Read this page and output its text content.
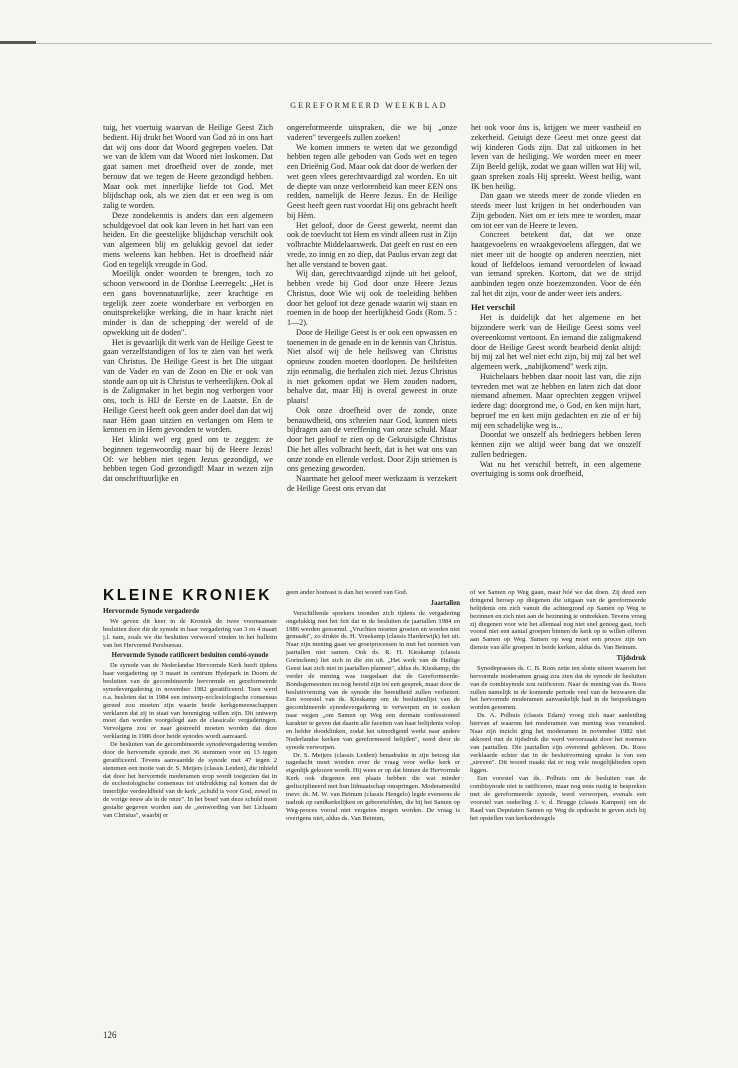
GEREFORMEERD WEEKBLAD

tuig, het voertuig waarvan de Heilige Geest Zich bedient. Hij drukt het Woord van God zó in ons hart dat wij ons door dat Woord gegrepen voelen. Dat we van de klem van dat Woord niet loskomen. Dat gaat samen met droefheid over de zonde, met berouw dat we tegen de Heere gezondigd hebben. Maar ook met innerlijke liefde tot God. Met blijdschap ook, als we zien dat er een weg is om zalig te worden.

Deze zondekennis is anders dan een algemeen schuldgevoel dat ook kan leven in het hart van een heiden. En die geestelijke blijdschap verschilt ook van algemeen blij en gelukkig gevoel dat ieder mens weleens kan hebben. Het is droefheid náár God en tegelijk vreugde in God.

Moeilijk onder woorden te brengen, toch zo schoon verwoord in de Dordtse Leerregels: „Het is een gans bovennatuurlijke, zeer krachtige en tegelijk zeer zoete wonderbare en verborgen en onuitsprekelijke werking, die in haar kracht niet minder is dan de schepping der wereld of de opwekking uit de doden".

Het is gevaarlijk dit werk van de Heilige Geest te gaan verzelfstandigen of los te zien van het werk van Christus. De Heilige Geest is het Die uitgaat van de Vader en van de Zoon en Die er ook van stonde aan op uit is Christus te verheerlijken. Ook al is de Zaligmaker in het begin nog verborgen voor ons, toch is HIJ de Eerste en de Laatste. En de Heilige Geest heeft ook geen ander doel dan dat wij naar Hém gaan uitzien en verlangen om Hem te kennen en in Hem gevonden te worden.

Het klinkt wel erg goed om te zeggen: ze beginnen tegenwoordig maar bij de Heere Jezus! Of: we hebben niet tegen Jezus gezondigd, we hebben tegen God gezondigd! Maar in wezen zijn dat onschriftuurlijke en

ongereformeerde uitspraken, die we bij „onze vaderen" tevergeefs zullen zoeken!

We komen immers te weten dat we gezondigd hebben tegen alle geboden van Gods wet en tegen een Drieënig God. Maar ook dat door de werken der wet geen vlees gerechtvaardigd zal worden. En uit de diepte van onze verlorenheid kan meer EEN ons redden, namelijk de Heere Jezus. En de Heilige Geest heeft geen rust voordat Hij ons gebracht heeft bij Hèm.

Het geloof, door de Geest gewerkt, neemt dan ook de toevlucht tot Hem en vindt alleen rust in Zijn volbrachte Middelaarswerk. Dat geeft en rust en een vrede, zo innig en zo diep, dat Paulus ervan zegt dat het alle verstand te boven gaat.

Wij dan, gerechtvaardigd zijnde uit het geloof, hebben vrede bij God door onze Heere Jezus Christus, door Wie wij ook de toeleiding hebben door het geloof tot deze genade waarin wij staan en roemen in de hoop der heerlijkheid Gods (Rom. 5 : 1—2).

Door de Heilige Geest is er ook een opwassen en toenemen in de genade en in de kennis van Christus. Niet alsof wij de hele heilsweg van Christus opnieuw zouden moeten doorlopen. De heilsfeiten zijn eenmalig, die herhalen zich niet. Jezus Christus is niet gekomen opdat we Hem zouden nadoen, behalve dat, maar Hij is overal geweest in onze plaats!

Ook onze droefheid over de zonde, onze benauwdheid, ons schreien naar God, kunnen niets bijdragen aan de vereffening van onze schuld. Maar door het geloof te zien op de Gekruisigde Christus Die het alles volbracht heeft, dat is het wat ons van onze zonde en ellende verlost. Door Zijn striemen is ons genezing geworden.

Naarmate het geloof meer werkzaam is verzekert de Heilige Geest ons ervan dat

het ook voor óns is, krijgen we meer vastheid en zekerheid. Getuigt deze Geest met onze geest dat wij kinderen Gods zijn. Dat zal uitkomen in het leven van de heiliging. We worden meer en meer Zijn Beeld gelijk, zodat we gaan willen wat Hij wil, gaan spreken zoals Hij spreekt. Weest heilig, want IK ben heilig.

Dan gaan we steeds meer de zonde vlieden en steeds meer lust krijgen in het onderhouden van Zijn geboden. Niet om er iets mee te worden, maar om tot eer van de Heere te leven.

Concreet betekent dat, dat we onze haatgevoelens en wraakgevoelens afleggen, dat we niet meer uit de hoogte op anderen neerzien, niet koud of liefdeloos iemand veroordelen of kwaad van iemand spreken. Kortom, dat we de strijd aanbinden tegen onze boezemzonden. Voor de één zal het dit zijn, voor de ander weer iets anders.

Het verschil

Het is duidelijk dat het algemene en het bijzondere werk van de Heilige Geest soms veel overeenkomst vertoont. En iemand die zaligmakend door de Heilige Geest wordt bearbeid denkt altijd: bij mij zal het wel niet echt zijn, bij mij zal het wel algemeen werk, „nabijkomend" werk zijn.

Huichelaars hebben daar nooit last van, die zijn tevreden met wat ze hebben en laten zich dat door niemand afnemen. Maar oprechten zeggen vrijwel iedere dag: doorgrond me, o God, en ken mijn hart, beproef me en ken mijn gedachten en zie of er bij mij een schadelijke weg is...

Doordat we onszelf als bedriegers hebben leren kennen zijn we altijd weer bang dat we onszelf zullen bedriegen.

Wat nu het verschil betreft, in een algemene overtuiging is soms ook droefheid,

KLEINE KRONIEK
Hervormde Synode vergaderde

We geven dit keer in de Kroniek de twee voornaamste besluiten door die de synode in haar vergadering van 3 en 4 maart j.l. nam, zoals we die besluiten verwoord vinden in het bulletin van het Hervormd Persbureau.

Hervormde Synode ratificeert besluiten combi-synode

De synode van de Nederlandse Hervormde Kerk heeft tijdens haar vergadering op 3 maart in centrum Hydepark in Doorn de besluiten van de gecombineerde hervormde en gereformeerde synodevergadering in november 1982 geratificeerd. Toen werd o.a. besloten dat in 1984 een ontwerp-ecclesiologische consensus gereed zou moeten zijn waarin beide kerkgemeenschappen verklaren dat zij in staat van hereniging willen zijn. Dit ontwerp moet dan worden voorgelegd aan de classicale vergaderingen. Vervolgens zou er naar gestreefd moeten worden dat deze verklaring in 1986 door beide synodes wordt aanvaard.

De besluiten van de gecombineerde synodevergadering werden door de hervormde synode met 36 stemmen voor en 13 tegen geratificeerd. Tevens aanvaardde de synode met 47 tegen 2 stemmen een motie van dr. S. Meijers (classis Leiden), die inhield dat door het hervormde moderamen erop wordt toegezien dat in de ecclesiologische consensus tot uitdrukking zal komen dat de innerlijke verdeeldheid van de kerk „schuld is voor God, zowel in de vorige eeuw als in de onze". In het besef van deze schuld moet gestalte gegeven worden aan de „eenwording van het Lichaam van Christus", waarbij er

geen ander houvast is dan het woord van God.

Jaartallen

Verschillende sprekers toonden zich tijdens de vergadering ongelukkig met het feit dat in de besluiten de jaartallen 1984 en 1986 werden genoemd. „Vruchten moeten groeien en worden niet gemaakt", zo drukte ds. H. Vreekamp (classis Harderwijk) het uit. Naar zijn mening gaan we groeiprocessen in met het noemen van jaartallen niet samen. Ook ds. R. H. Kieskamp (classis Gorinchem) liet zich in die zin uit. „Het werk van de Heilige Geest laat zich niet in jaartallen plannen", aldus ds. Kieskamp, die verder de mening was toegedaan dat de Gereformeerde-Bondsgemeenten nu nog bereid zijn tot een gesprek, maar door de besluitvorming van de synode die bereidheid zullen verliezen. Een voorstel van ds. Kieskamp om de besluitenlijst van de gecombineerde synodevergadering te verwerpen en te zoeken naar wegen „om Samen op Weg een dermate confessioneel karakter te geven dat daarin alle facetten van haar belijdenis volop en helder doorklinken, zodat het uitnodigend werkt naar andere Nederlandse kerken van gereformeerd belijden", werd door de synode verworpen.

Dr. S. Meijers (classis Leiden) benadrukte in zijn betoog dat nagedacht moet worden over de vraag voor welke kerk er eigenlijk gekozen wordt. Hij wees er op dat binnen de Hervormde Kerk ook diegenen een plaats hebben die wat minder gedisciplineerd met hun lidmaatschap omspringen. Moderamenlid mevr. ds. M. W. van Beinum (classis Hengelo) legde eveneens de nadruk op randkerkelijken en geboortelêden, die bij het Samen op Weg-proces vooral niet vergeten mogen worden. De vraag is overigens niet, aldus ds. Van Beinum,

of we Samen op Weg gaan, maar hóé we dat doen. Zij deed een dringend beroep op diegenen die uitgaan van de gereformeerde belijdenis om zich vanuit die achtergrond op Samen op Weg te bezinnen en zich niet aan de bezinning te onttrekken. Tevens vroeg zij diegenen voor wie het allemaal nog niet snel genoeg gaat, toch vooral niet een aantal groepen binnen de kerk op te willen offeren aan Samen op Weg. Samen op weg moet een proces zijn ten dienste van álle groepen in beide kerken, aldus ds. Van Beinum.

Tijdsdruk

Synodepraeses ds. C. B. Roos zette ten slotte uiteen waarom het hervormde moderamen graag zou zien dat de synode de besluiten van de combisynode zou ratificeren. Naar de mening van ds. Roos zullen namelijk in de komende periode veel van de bezwaren die het hervormde moderamen aanvankelijk had in de besprekingen worden genomen.

Ds. A. Polhuis (classis Edam) vroeg zich naar aanleiding hiervan af waarom het moderamen van mening was veranderd. Naar zijn inzicht ging het moderamen in november 1982 niet akkoord met de tijdsdruk die werd veroorzaakt door het noemen van jaartallen. Die jaartallen zijn overeind gebleven. Ds. Roos verklaarde echter dat in de besluitvorming sprake is van een „streven". Dit woord maakt dat er nog vele mogelijkheden open liggen.

Een voorstel van ds. Polhuis om de besluiten van de combisynode niet te ratificeren, maar nog eens rustig te bespreken met de gereformeerde synode, werd verworpen, evenals een voorstel van ouderling J. v. d. Brugge (classis Kampen) om de Raad van Deputaten Samen op Weg de opdracht te geven zich bij het opstellen van kerkorderegels

126
